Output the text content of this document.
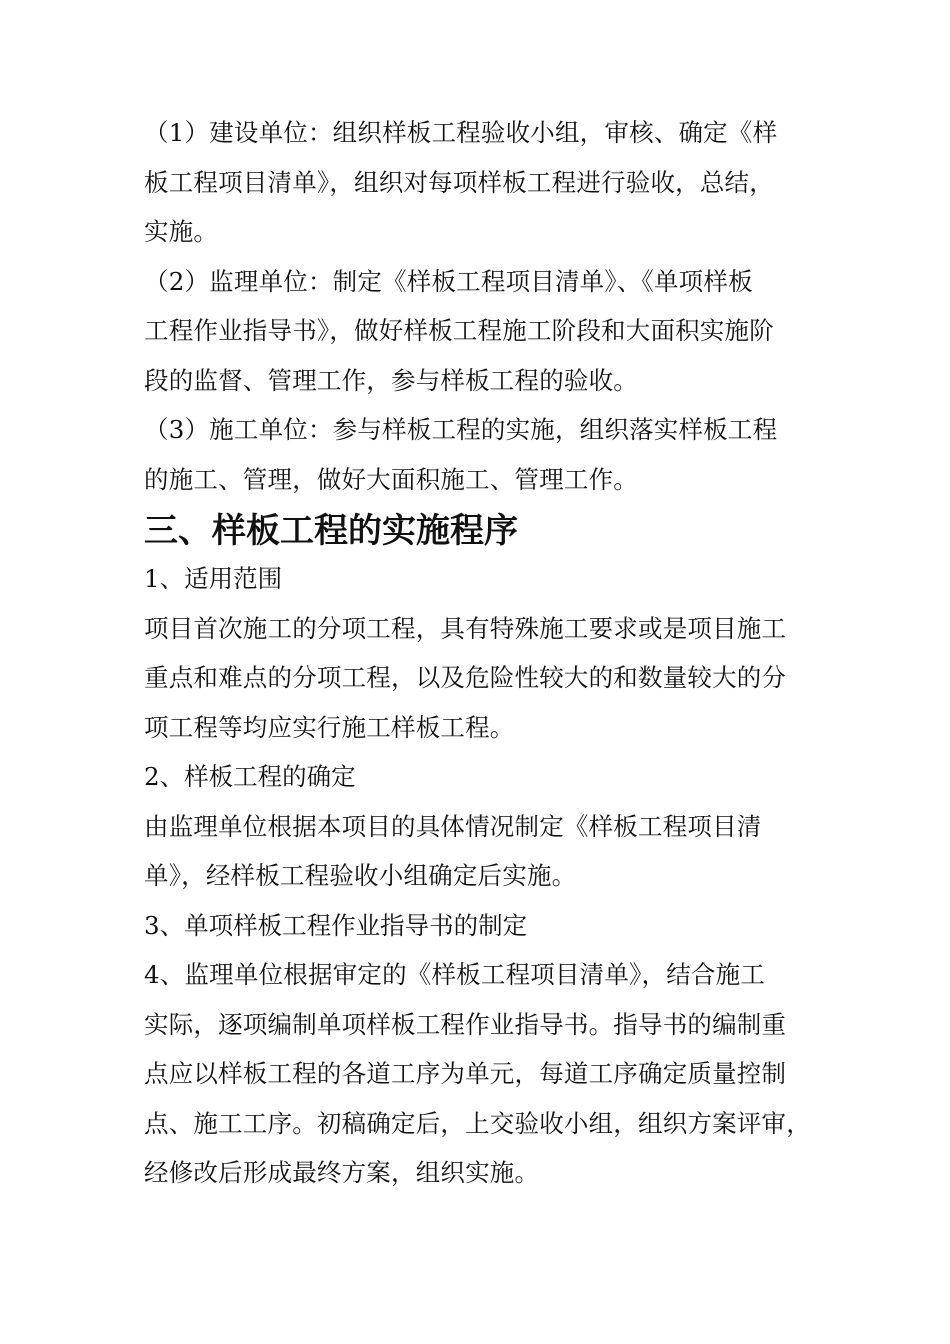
（1）建设单位：组织样板工程验收小组，审核、确定《样
板工程项目清单》，组织对每项样板工程进行验收，总结，
实施。
（2）监理单位：制定《样板工程项目清单》、《单项样板
工程作业指导书》，做好样板工程施工阶段和大面积实施阶
段的监督、管理工作，参与样板工程的验收。
（3）施工单位：参与样板工程的实施，组织落实样板工程
的施工、管理，做好大面积施工、管理工作。
三、样板工程的实施程序
1、适用范围
项目首次施工的分项工程，具有特殊施工要求或是项目施工
重点和难点的分项工程，以及危险性较大的和数量较大的分
项工程等均应实行施工样板工程。
2、样板工程的确定
由监理单位根据本项目的具体情况制定《样板工程项目清
单》，经样板工程验收小组确定后实施。
3、单项样板工程作业指导书的制定
4、监理单位根据审定的《样板工程项目清单》，结合施工
实际，逐项编制单项样板工程作业指导书。指导书的编制重
点应以样板工程的各道工序为单元，每道工序确定质量控制
点、施工工序。初稿确定后，上交验收小组，组织方案评审，
经修改后形成最终方案，组织实施。
